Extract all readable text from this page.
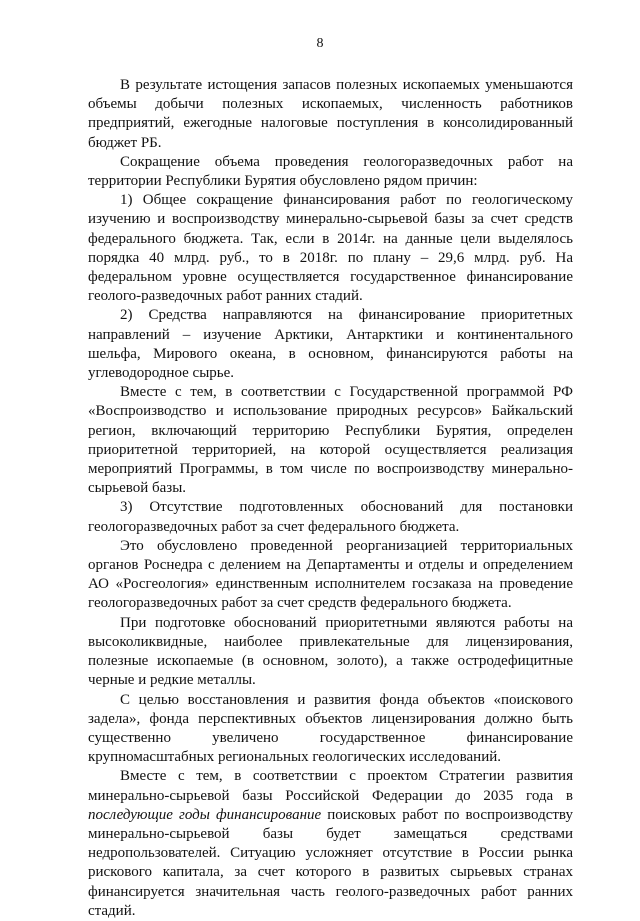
8

В результате истощения запасов полезных ископаемых уменьшаются объемы добычи полезных ископаемых, численность работников предприятий, ежегодные налоговые поступления в консолидированный бюджет РБ.

Сокращение объема проведения геологоразведочных работ на территории Республики Бурятия обусловлено рядом причин:

1) Общее сокращение финансирования работ по геологическому изучению и воспроизводству минерально-сырьевой базы за счет средств федерального бюджета. Так, если в 2014г. на данные цели выделялось порядка 40 млрд. руб., то в 2018г. по плану – 29,6 млрд. руб. На федеральном уровне осуществляется государственное финансирование геолого-разведочных работ ранних стадий.

2) Средства направляются на финансирование приоритетных направлений – изучение Арктики, Антарктики и континентального шельфа, Мирового океана, в основном, финансируются работы на углеводородное сырье.

Вместе с тем, в соответствии с Государственной программой РФ «Воспроизводство и использование природных ресурсов» Байкальский регион, включающий территорию Республики Бурятия, определен приоритетной территорией, на которой осуществляется реализация мероприятий Программы, в том числе по воспроизводству минерально-сырьевой базы.

3) Отсутствие подготовленных обоснований для постановки геологоразведочных работ за счет федерального бюджета.

Это обусловлено проведенной реорганизацией территориальных органов Роснедра с делением на Департаменты и отделы и определением АО «Росгеология» единственным исполнителем госзаказа на проведение геологоразведочных работ за счет средств федерального бюджета.

При подготовке обоснований приоритетными являются работы на высоколиквидные, наиболее привлекательные для лицензирования, полезные ископаемые (в основном, золото), а также остродефицитные черные и редкие металлы.

С целью восстановления и развития фонда объектов «поискового задела», фонда перспективных объектов лицензирования должно быть существенно увеличено государственное финансирование крупномасштабных региональных геологических исследований.

Вместе с тем, в соответствии с проектом Стратегии развития минерально-сырьевой базы Российской Федерации до 2035 года в последующие годы финансирование поисковых работ по воспроизводству минерально-сырьевой базы будет замещаться средствами недропользователей. Ситуацию усложняет отсутствие в России рынка рискового капитала, за счет которого в развитых сырьевых странах финансируется значительная часть геолого-разведочных работ ранних стадий.
